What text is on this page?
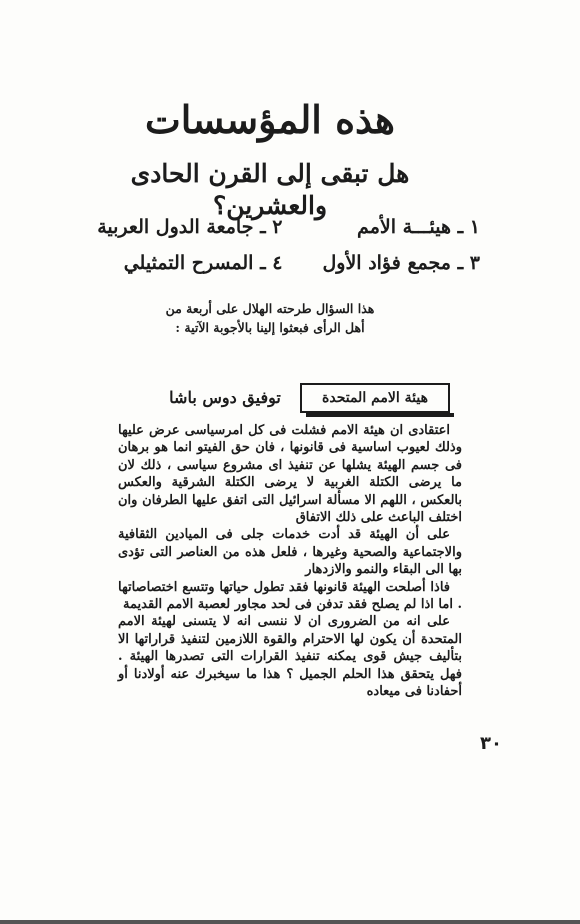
هذه المؤسسات
هل تبقى إلى القرن الحادى والعشرين؟
١ ـ هيئـــة الأمم
٢ ـ جامعة الدول العربية
٣ ـ مجمع فؤاد الأول
٤ ـ المسرح التمثيلي
هذا السؤال طرحته الهلال على أربعة من
أهل الرأى فبعثوا إلينا بالأجوبة الآتية :
هيئة الامم المتحدة
توفيق دوس باشا

اعتقادى ان هيئة الامم فشلت فى كل امرسياسى عرض عليها وذلك لعيوب اساسية فى قانونها ، فان حق الفيتو انما هو برهان فى جسم الهيئة يشلها عن تنفيذ اى مشروع سياسى ، ذلك لان ما يرضى الكتلة الغربية لا يرضى الكتلة الشرقية والعكس بالعكس ، اللهم الا مسألة اسرائيل التى اتفق عليها الطرفان وان اختلف الباعث على ذلك الاتفاق

على أن الهيئة قد أدت خدمات جلى فى الميادين الثقافية والاجتماعية والصحية وغيرها ، فلعل هذه من العناصر التى تؤدى بها الى البقاء والنمو والازدهار

فاذا أصلحت الهيئة قانونها فقد تطول حياتها وتتسع اختصاصاتها . اما اذا لم يصلح فقد تدفن فى لحد مجاور لعصبة الامم القديمة

على انه من الضرورى ان لا ننسى انه لا يتسنى لهيئة الامم المتحدة أن يكون لها الاحترام والقوة اللازمين لتنفيذ قراراتها الا بتأليف جيش قوى يمكنه تنفيذ القرارات التى تصدرها الهيئة . فهل يتحقق هذا الحلم الجميل ؟ هذا ما سيخبرك عنه أولادنا أو أحفادنا فى ميعاده

٣٠
